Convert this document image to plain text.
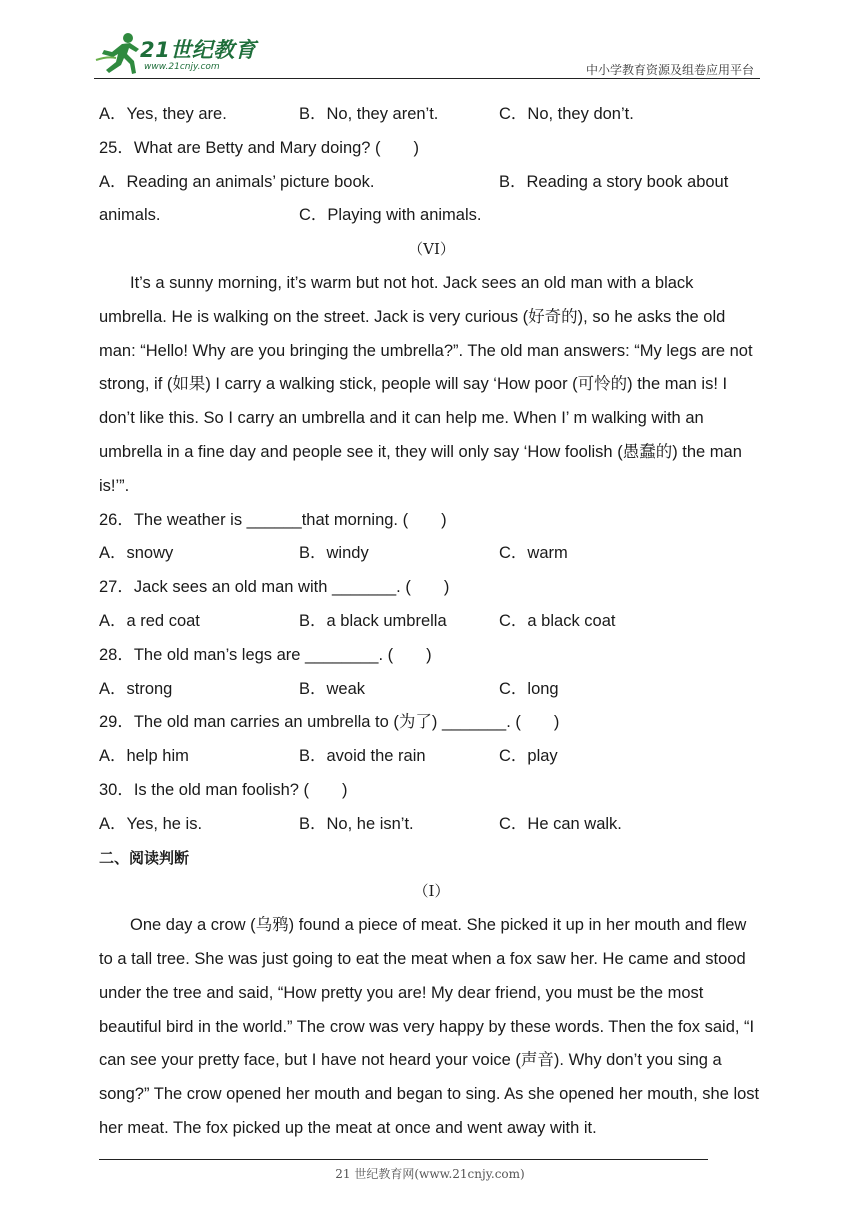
21世纪教育
www.21cnjy.com	中小学教育资源及组卷应用平台
A．Yes, they are.	B．No, they aren’t.	C．No, they don’t.
25．What are Betty and Mary doing? (　　)
A．Reading an animals’ picture book.	B．Reading a story book about
animals.	C．Playing with animals.
（VI）

It’s a sunny morning, it’s warm but not hot. Jack sees an old man with a black umbrella. He is walking on the street. Jack is very curious (好奇的), so he asks the old man: “Hello! Why are you bringing the umbrella?”. The old man answers: “My legs are not strong, if (如果) I carry a walking stick, people will say ‘How poor (可怜的) the man is! I don’t like this. So I carry an umbrella and it can help me. When I’ m walking with an umbrella in a fine day and people see it, they will only say ‘How foolish (愚蠢的) the man is!’”.

26．The weather is ______that morning. (　　)
A．snowy	B．windy	C．warm
27．Jack sees an old man with _______. (　　)
A．a red coat	B．a black umbrella	C．a black coat
28．The old man’s legs are ________. (　　)
A．strong	B．weak	C．long
29．The old man carries an umbrella to (为了) _______. (　　)
A．help him	B．avoid the rain	C．play
30．Is the old man foolish? (　　)
A．Yes, he is.	B．No, he isn’t.	C．He can walk.
二、阅读判断
（Ⅰ）

One day a crow (乌鸦) found a piece of meat. She picked it up in her mouth and flew to a tall tree. She was just going to eat the meat when a fox saw her. He came and stood under the tree and said, “How pretty you are! My dear friend, you must be the most beautiful bird in the world.” The crow was very happy by these words. Then the fox said, “I can see your pretty face, but I have not heard your voice (声音). Why don’t you sing a song?” The crow opened her mouth and began to sing. As she opened her mouth, she lost her meat. The fox picked up the meat at once and went away with it.

21 世纪教育网(www.21cnjy.com)
